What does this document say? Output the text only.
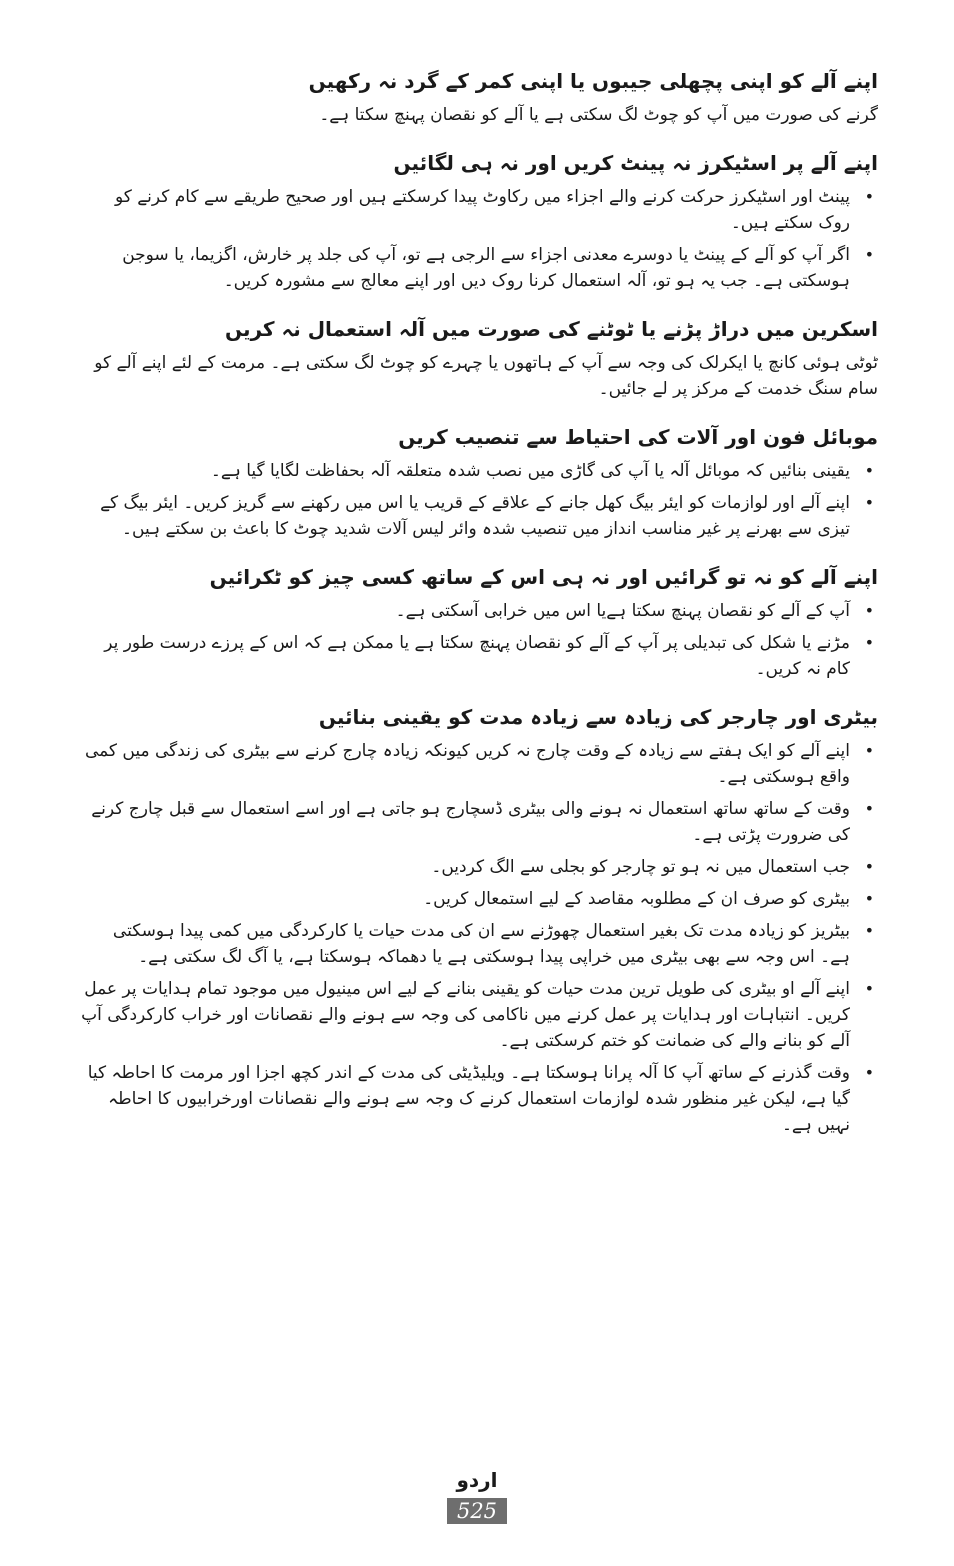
اپنے آلے کو اپنی پچھلی جیبوں یا اپنی کمر کے گرد نہ رکھیں

گرنے کی صورت میں آپ کو چوٹ لگ سکتی ہے یا آلے کو نقصان پہنچ سکتا ہے۔

اپنے آلے پر اسٹیکرز نہ پینٹ کریں اور نہ ہی لگائیں
•
پینٹ اور اسٹیکرز حرکت کرنے والے اجزاء میں رکاوٹ پیدا کرسکتے ہیں اور صحیح طریقے سے کام کرنے کو روک سکتے ہیں۔
•
اگر آپ کو آلے کے پینٹ یا دوسرے معدنی اجزاء سے الرجی ہے تو، آپ کی جلد پر خارش، اگزیما، یا سوجن ہوسکتی ہے۔ جب یہ ہو تو، آلہ استعمال کرنا روک دیں اور اپنے معالج سے مشورہ کریں۔
اسکرین میں دراڑ پڑنے یا ٹوٹنے کی صورت میں آلہ استعمال نہ کریں

ٹوٹی ہوئی کانچ یا ایکرلک کی وجہ سے آپ کے ہاتھوں یا چہرے کو چوٹ لگ سکتی ہے۔ مرمت کے لئے اپنے آلے کو سام سنگ خدمت کے مرکز پر لے جائیں۔

موبائل فون اور آلات کی احتیاط سے تنصیب کریں
•
یقینی بنائیں کہ موبائل آلہ یا آپ کی گاڑی میں نصب شدہ متعلقہ آلہ بحفاظت لگایا گیا ہے۔
•
اپنے آلے اور لوازمات کو ایئر بیگ کھل جانے کے علاقے کے قریب یا اس میں رکھنے سے گریز کریں۔ ایئر بیگ کے تیزی سے بھرنے پر غیر مناسب انداز میں تنصیب شدہ وائر لیس آلات شدید چوٹ کا باعث بن سکتے ہیں۔
اپنے آلے کو نہ تو گرائیں اور نہ ہی اس کے ساتھ کسی چیز کو ٹکرائیں
•
آپ کے آلے کو نقصان پہنچ سکتا ہےیا اس میں خرابی آسکتی ہے۔
•
مڑنے یا شکل کی تبدیلی پر آپ کے آلے کو نقصان پہنچ سکتا ہے یا ممکن ہے کہ اس کے پرزے درست طور پر کام نہ کریں۔
بیٹری اور چارجر کی زیادہ سے زیادہ مدت کو یقینی بنائیں
•
اپنے آلے کو ایک ہفتے سے زیادہ کے وقت چارج نہ کریں کیونکہ زیادہ چارج کرنے سے بیٹری کی زندگی میں کمی واقع ہوسکتی ہے۔
•
وقت کے ساتھ ساتھ استعمال نہ ہونے والی بیٹری ڈسچارج ہو جاتی ہے اور اسے استعمال سے قبل چارج کرنے کی ضرورت پڑتی ہے۔
•
جب استعمال میں نہ ہو تو چارجر کو بجلی سے الگ کردیں۔
•
بیٹری کو صرف ان کے مطلوبہ مقاصد کے لیے استمعال کریں۔
•
بیٹریز کو زیادہ مدت تک بغیر استعمال چھوڑنے سے ان کی مدت حیات یا کارکردگی میں کمی پیدا ہوسکتی ہے۔ اس وجہ سے بھی بیٹری میں خراپی پیدا ہوسکتی ہے یا دھماکہ ہوسکتا ہے، یا آگ لگ سکتی ہے۔
•
اپنے آلے او بیٹری کی طویل ترین مدت حیات کو یقینی بنانے کے لیے اس مینیول میں موجود تمام ہدایات پر عمل کریں۔ انتباہات اور ہدایات پر عمل کرنے میں ناکامی کی وجہ سے ہونے والے نقصانات اور خراب کارکردگی آپ آلے کو بنانے والے کی ضمانت کو ختم کرسکتی ہے۔
•
وقت گذرنے کے ساتھ آپ کا آلہ پرانا ہوسکتا ہے۔ ویلیڈیٹی کی مدت کے اندر کچھ اجزا اور مرمت کا احاطہ کیا گیا ہے، لیکن غیر منظور شدہ لوازمات استعمال کرنے ک وجہ سے ہونے والے نقصانات اورخرابیوں کا احاطہ نہیں ہے۔
اردو
525
